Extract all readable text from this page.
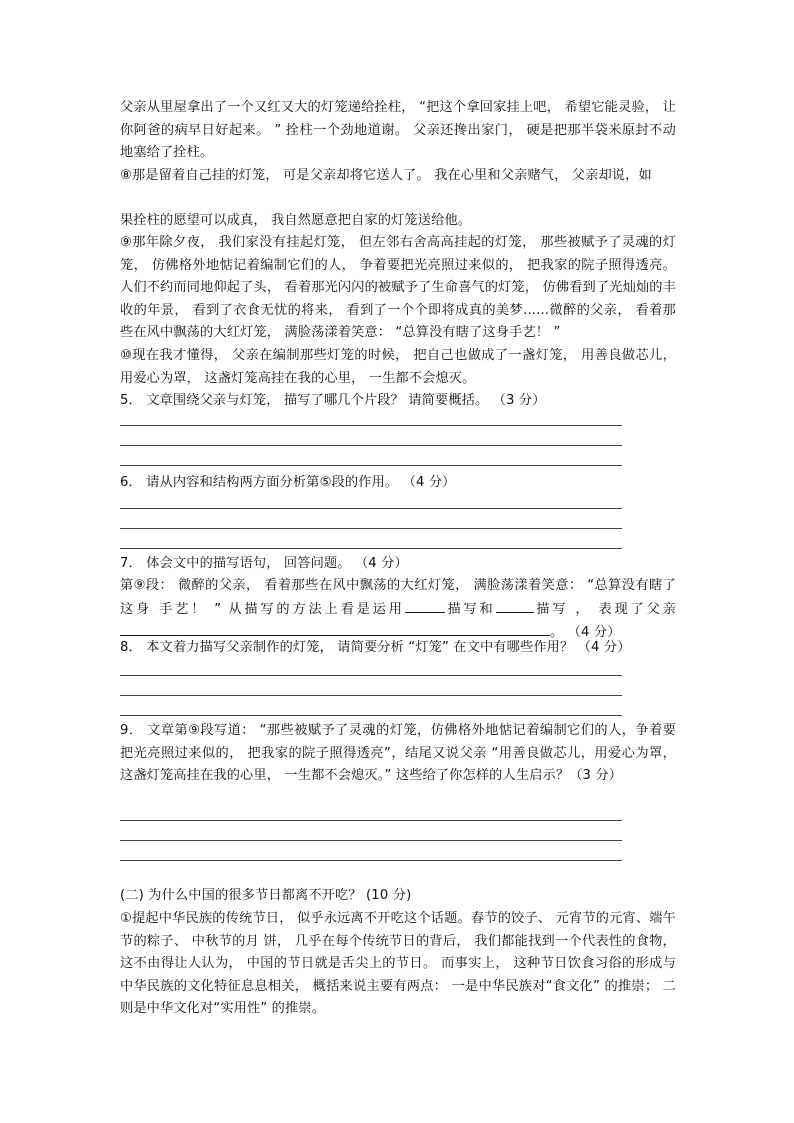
父亲从里屋拿出了一个又红又大的灯笼递给拴柱， “把这个拿回家挂上吧， 希望它能灵验， 让你阿爸的病早日好起来。 ” 拴柱一个劲地道谢。 父亲还搀出家门， 硬是把那半袋米原封不动地塞给了拴柱。

⑧那是留着自己挂的灯笼， 可是父亲却将它送人了。 我在心里和父亲赌气， 父亲却说，如

果拴柱的愿望可以成真， 我自然愿意把自家的灯笼送给他。

⑨那年除夕夜， 我们家没有挂起灯笼， 但左邻右舍高高挂起的灯笼， 那些被赋予了灵魂的灯笼， 仿佛格外地惦记着编制它们的人， 争着要把光亮照过来似的， 把我家的院子照得透亮。人们不约而同地仰起了头， 看着那光闪闪的被赋予了生命喜气的灯笼， 仿佛看到了光灿灿的丰收的年景， 看到了衣食无忧的将来， 看到了一个个即将成真的美梦......微醉的父亲， 看着那些在风中飘荡的大红灯笼， 满脸荡漾着笑意： “总算没有瞎了这身手艺！ ”

⑩现在我才懂得， 父亲在编制那些灯笼的时候， 把自己也做成了一盏灯笼， 用善良做芯儿，用爱心为罩， 这盏灯笼高挂在我的心里， 一生都不会熄灭。

5． 文章围绕父亲与灯笼， 描写了哪几个片段？ 请简要概括。 （3 分）

6． 请从内容和结构两方面分析第⑤段的作用。 （4 分）

7． 体会文中的描写语句， 回答问题。 （4 分）

第⑨段： 微醉的父亲， 看着那些在风中飘荡的大红灯笼， 满脸荡漾着笑意： “总算没有瞎了这身 手艺！ ” 从描写的方法上看是运用	描写和	描写 ， 表现了父亲。 （4 分）

8． 本文着力描写父亲制作的灯笼， 请简要分析 “灯笼” 在文中有哪些作用？ （4 分）

9． 文章第⑨段写道： “那些被赋予了灵魂的灯笼，仿佛格外地惦记着编制它们的人，争着要把光亮照过来似的， 把我家的院子照得透亮”，结尾又说父亲 “用善良做芯儿，用爱心为罩，这盏灯笼高挂在我的心里， 一生都不会熄灭。” 这些给了你怎样的人生启示？（3 分）

(二) 为什么中国的很多节日都离不开吃？ (10 分)

①提起中华民族的传统节日， 似乎永远离不开吃这个话题。春节的饺子、 元宵节的元宵、端午节的粽子、 中秋节的月 饼， 几乎在每个传统节日的背后， 我们都能找到一个代表性的食物，这不由得让人认为， 中国的节日就是舌尖上的节日。 而事实上， 这种节日饮食习俗的形成与中华民族的文化特征息息相关， 概括来说主要有两点： 一是中华民族对“食文化” 的推崇； 二则是中华文化对“实用性” 的推崇。
